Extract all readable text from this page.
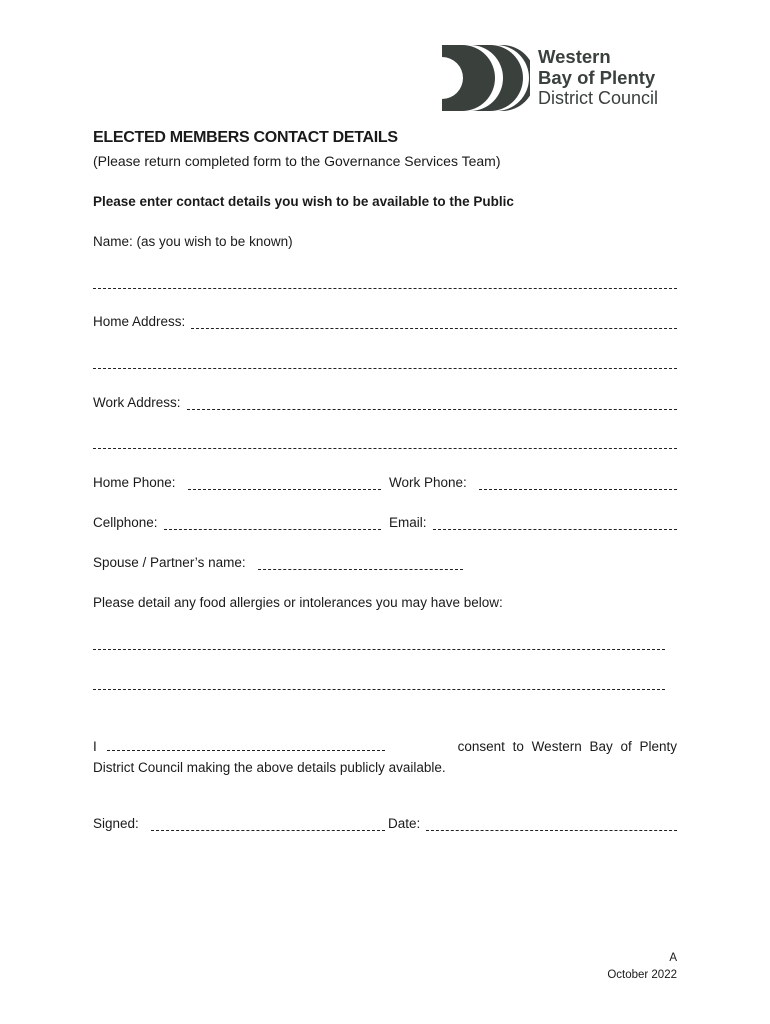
Western
Bay of Plenty
District Council
ELECTED MEMBERS CONTACT DETAILS
(Please return completed form to the Governance Services Team)
Please enter contact details you wish to be available to the Public
Name: (as you wish to be known)
Home Address:
Work Address:
Home Phone:	Work Phone:
Cellphone:	Email:
Spouse / Partner’s name:
Please detail any food allergies or intolerances you may have below:
I	consent to Western Bay of Plenty
District Council making the above details publicly available.
Signed:	Date:
A
October 2022
